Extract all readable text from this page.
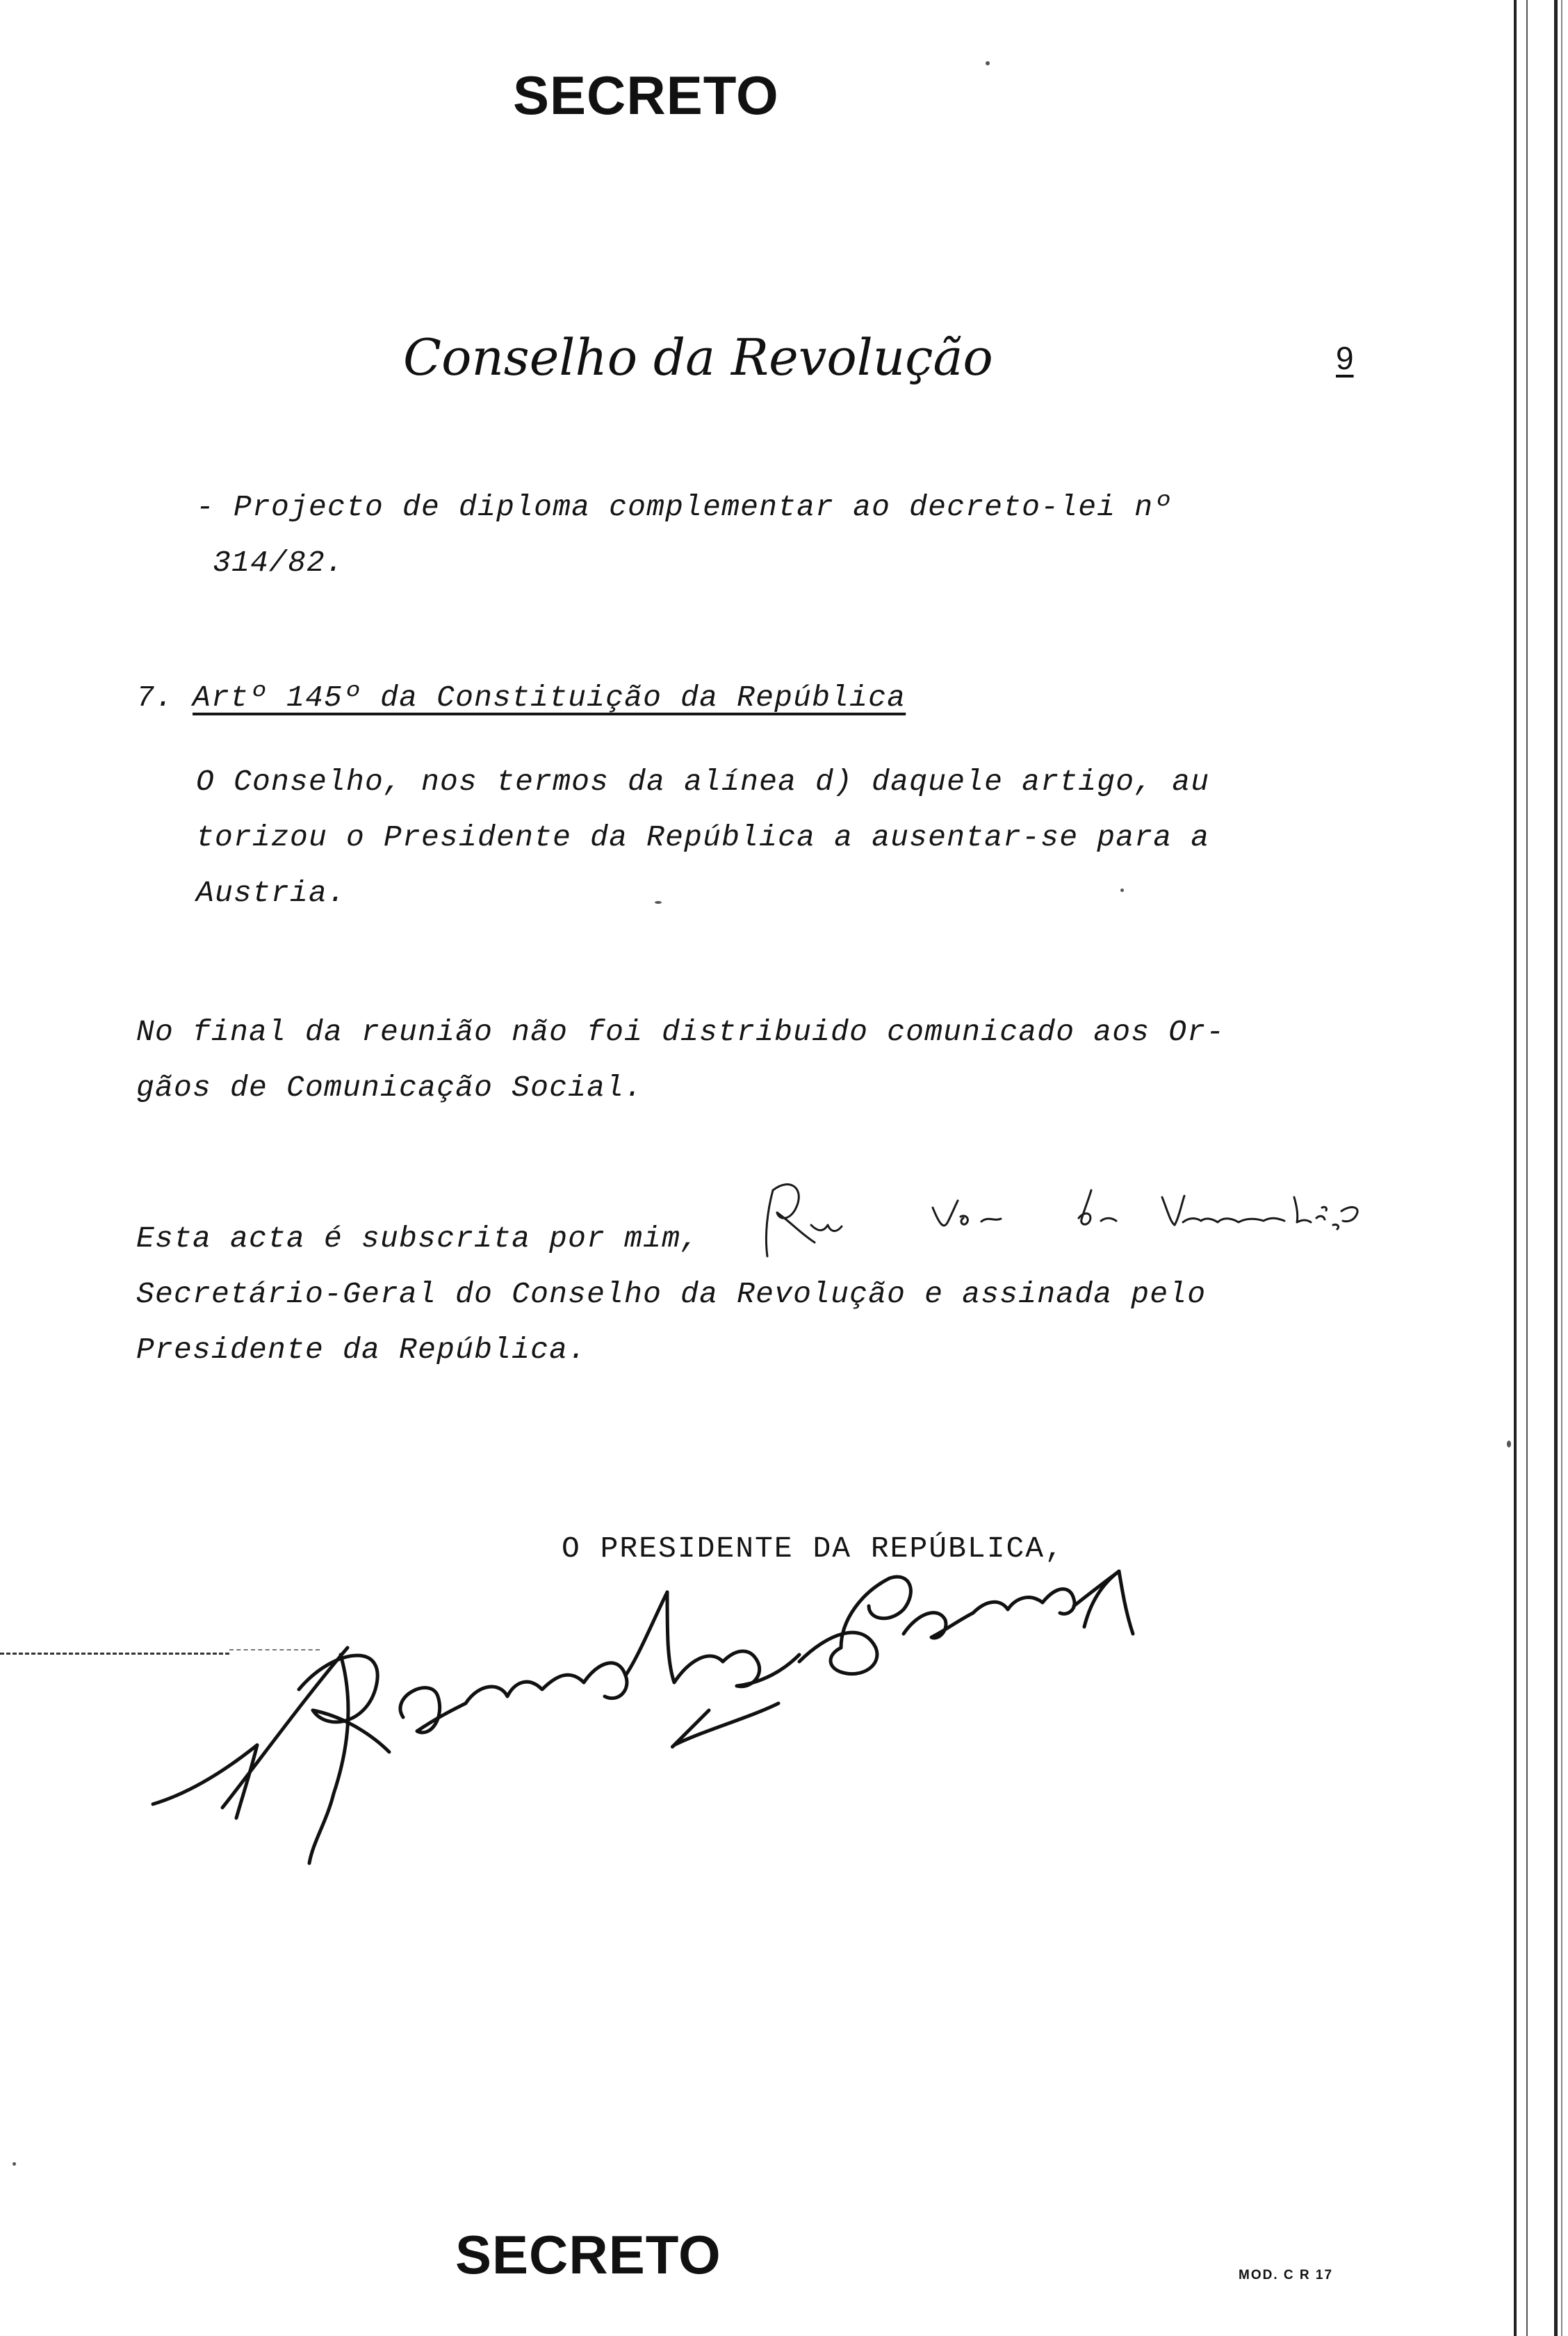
SECRETO
Conselho da Revolução	9
- Projecto de diploma complementar ao decreto-lei nº
314/82.
7. Artº 145º da Constituição da República
O Conselho, nos termos da alínea d) daquele artigo, au
torizou o Presidente da República a ausentar-se para a
Austria.
No final da reunião não foi distribuido comunicado aos Or-
gãos de Comunicação Social.
Esta acta é subscrita por mim,
Secretário-Geral do Conselho da Revolução e assinada pelo
Presidente da República.
O PRESIDENTE DA REPÚBLICA,
SECRETO	MOD. C R 17
